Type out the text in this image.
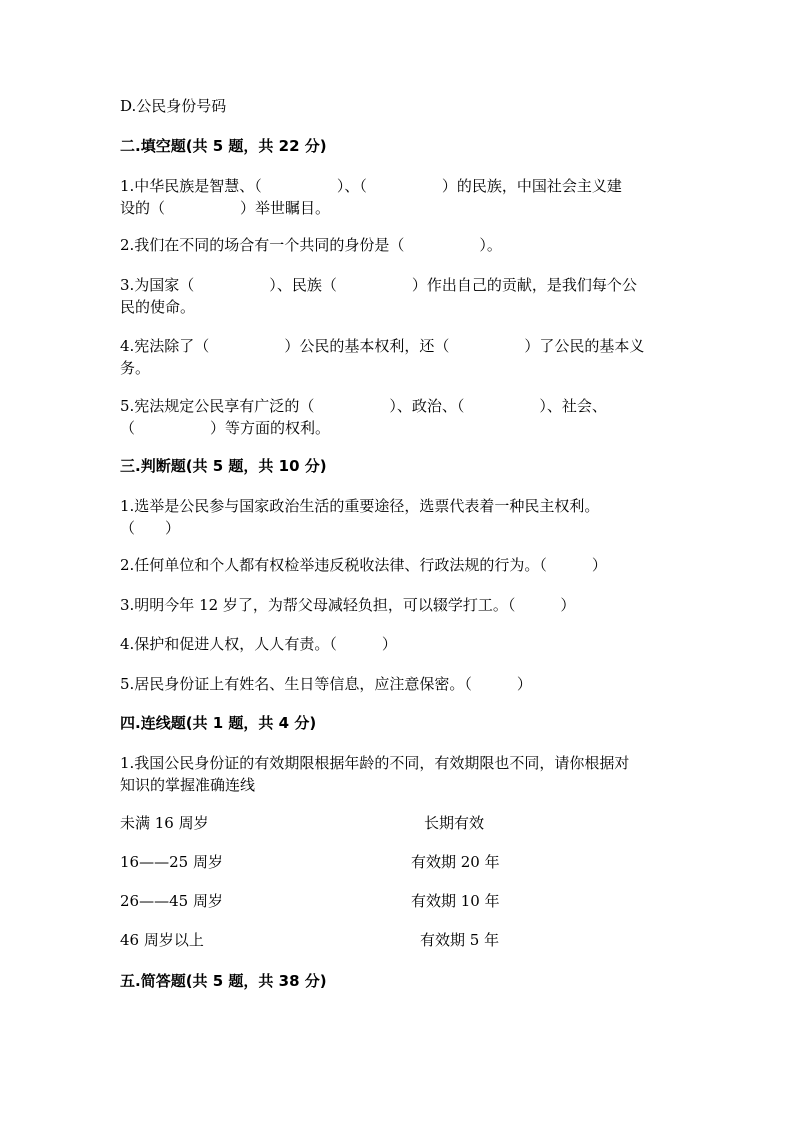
D.公民身份号码

二.填空题(共 5 题，共 22 分)

1.中华民族是智慧、（　　　　　）、（　　　　　）的民族，中国社会主义建

设的（　　　　　）举世瞩目。

2.我们在不同的场合有一个共同的身份是（　　　　　）。

3.为国家（　　　　　）、民族（　　　　　）作出自己的贡献，是我们每个公

民的使命。

4.宪法除了（　　　　　）公民的基本权利，还（　　　　　）了公民的基本义

务。

5.宪法规定公民享有广泛的（　　　　　）、政治、（　　　　　）、社会、

（　　　　　）等方面的权利。

三.判断题(共 5 题，共 10 分)

1.选举是公民参与国家政治生活的重要途径，选票代表着一种民主权利。

（　　）

2.任何单位和个人都有权检举违反税收法律、行政法规的行为。（　　　）

3.明明今年 12 岁了，为帮父母减轻负担，可以辍学打工。（　　　）

4.保护和促进人权，人人有责。（　　　）

5.居民身份证上有姓名、生日等信息，应注意保密。（　　　）

四.连线题(共 1 题，共 4 分)

1.我国公民身份证的有效期限根据年龄的不同，有效期限也不同，请你根据对

知识的掌握准确连线

未满 16 周岁	长期有效

16——25 周岁	有效期 20 年

26——45 周岁	有效期 10 年

46 周岁以上	有效期 5 年

五.简答题(共 5 题，共 38 分)
